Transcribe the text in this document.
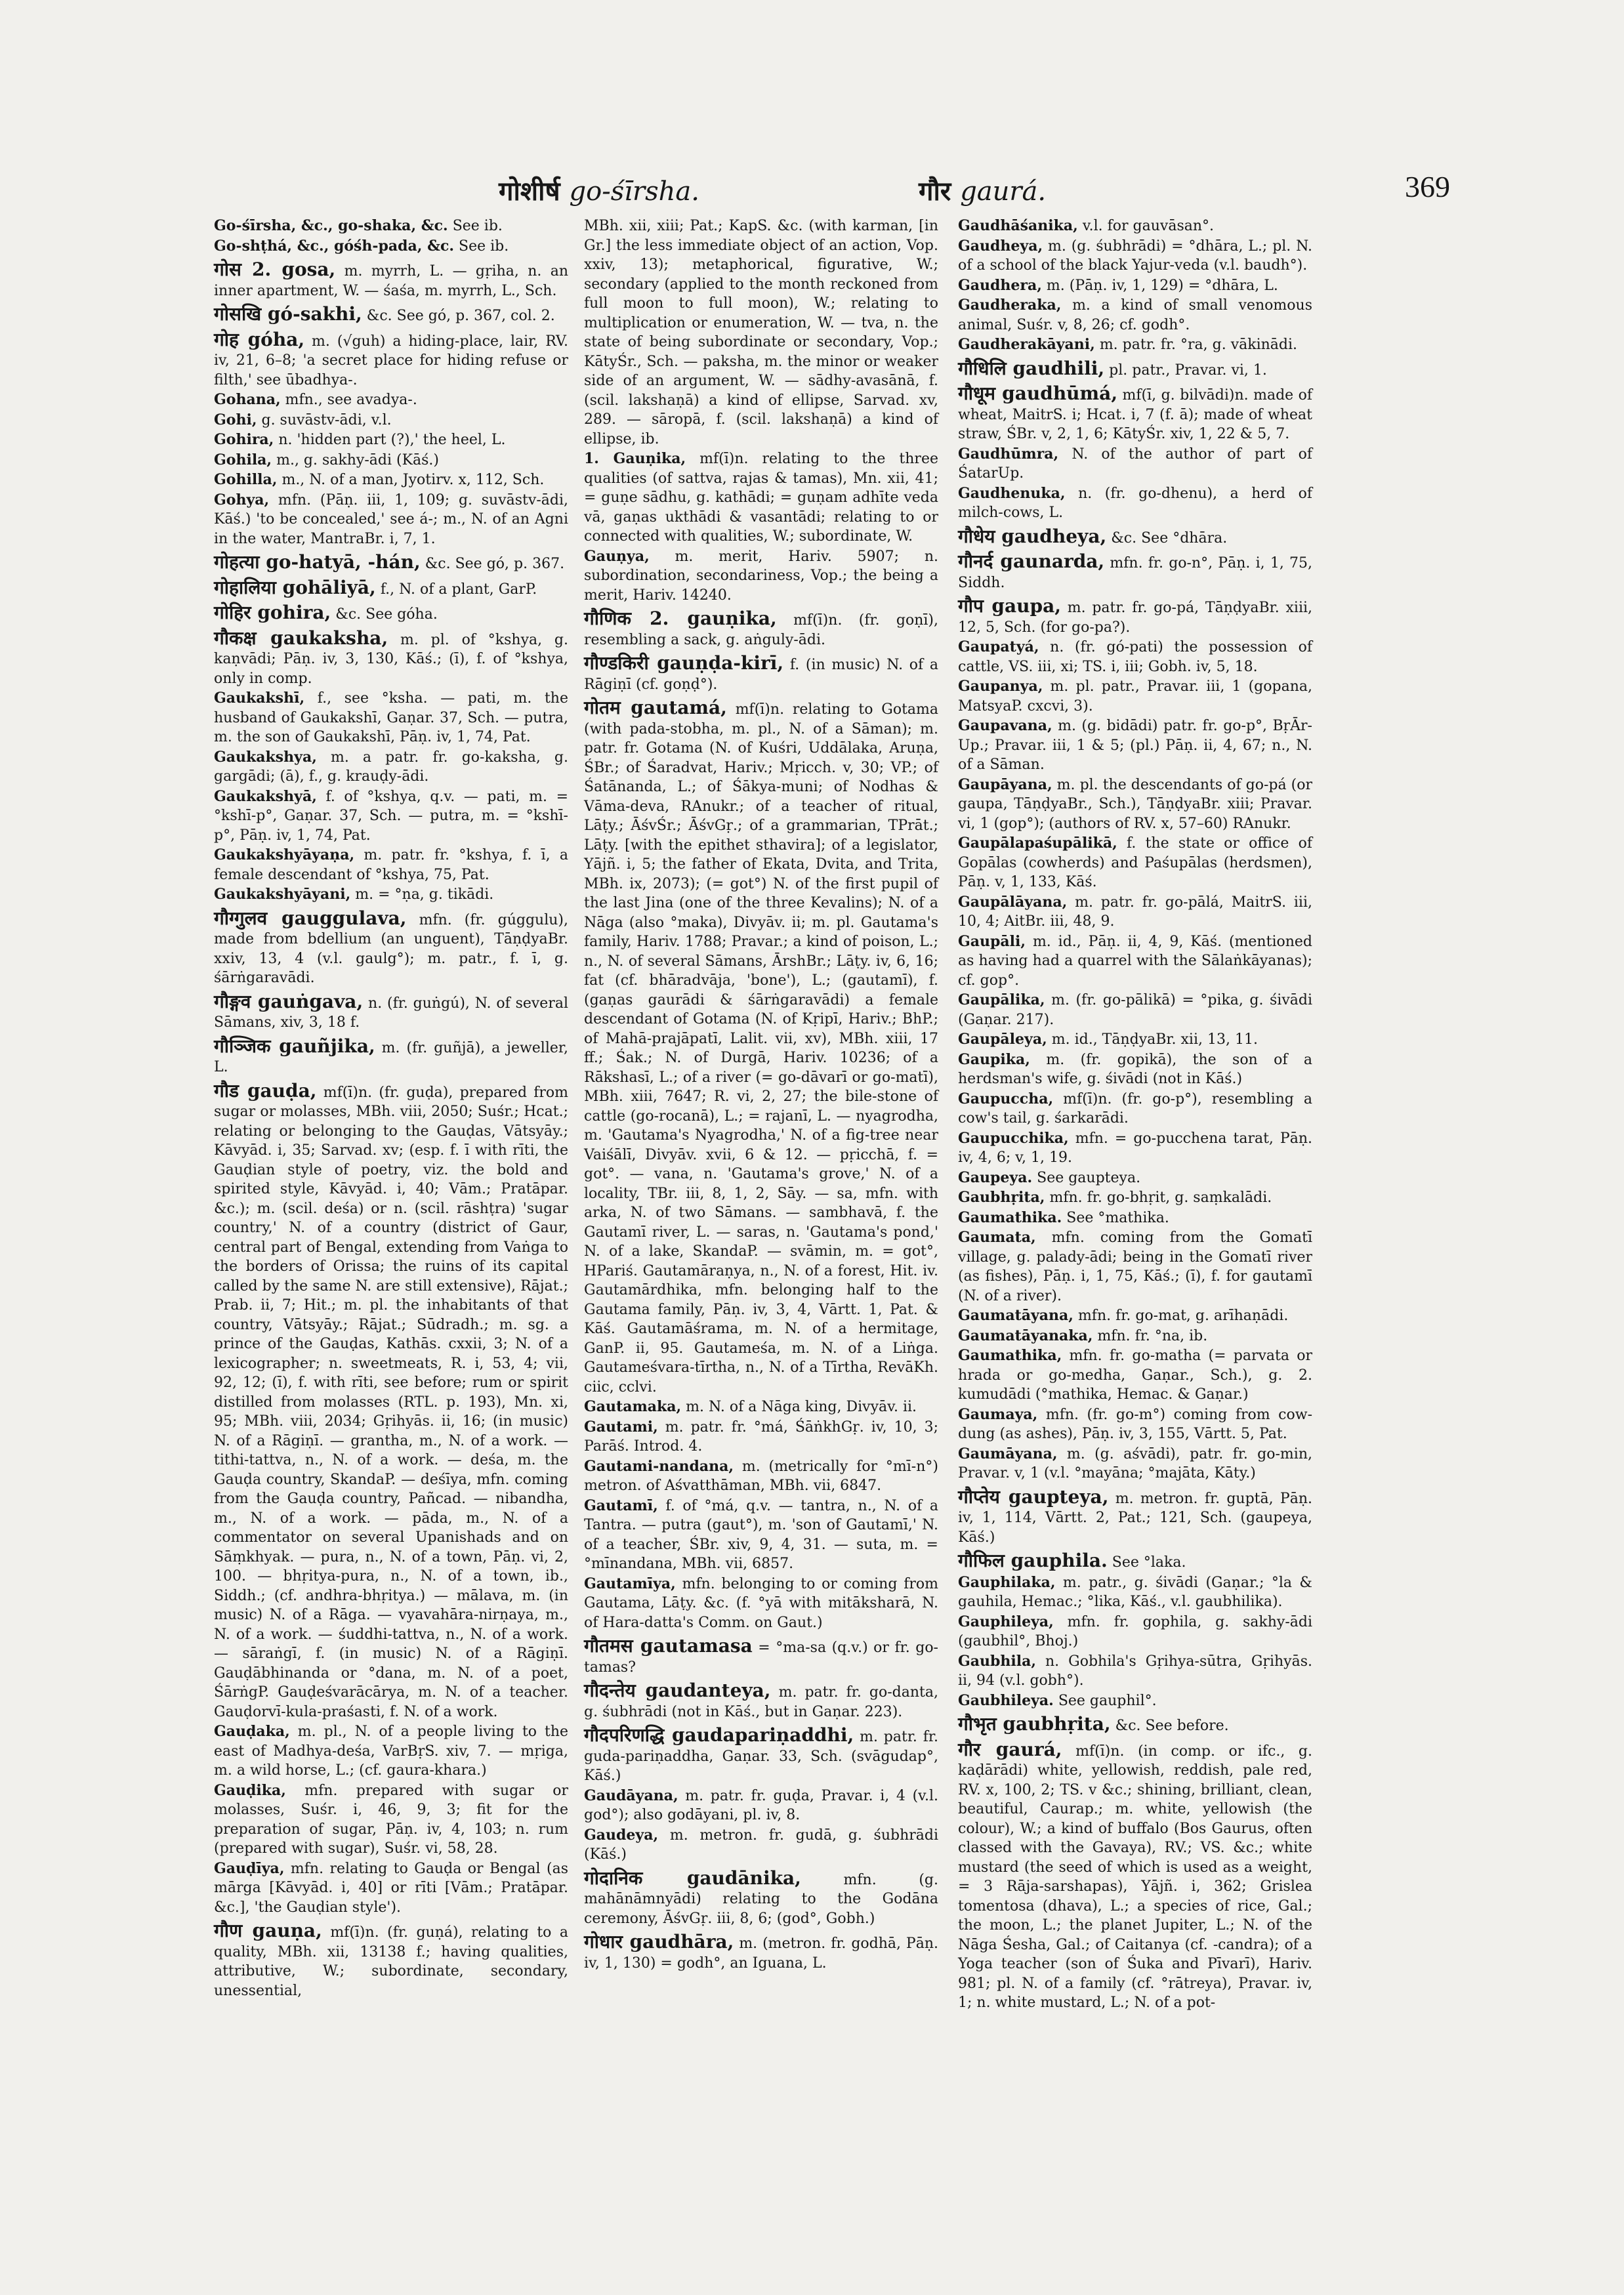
गोशीर्ष go-śīrsha.	गौर gaurá.	369

Go-śīrsha, &c., go-shaka, &c. See ib.

Go-shṭhá, &c., góśh-pada, &c. See ib.

गोस 2. gosa, m. myrrh, L. — gṛiha, n. an inner apartment, W. — śaśa, m. myrrh, L., Sch.

गोसखि gó-sakhi, &c. See gó, p. 367, col. 2.

गोह góha, m. (√guh) a hiding-place, lair, RV. iv, 21, 6–8; 'a secret place for hiding refuse or filth,' see ūbadhya-.

Gohana, mfn., see avadya-.

Gohi, g. suvāstv-ādi, v.l.

Gohira, n. 'hidden part (?),' the heel, L.

Gohila, m., g. sakhy-ādi (Kāś.)

Gohilla, m., N. of a man, Jyotirv. x, 112, Sch.

Gohya, mfn. (Pāṇ. iii, 1, 109; g. suvāstv-ādi, Kāś.) 'to be concealed,' see á-; m., N. of an Agni in the water, MantraBr. i, 7, 1.

गोहत्या go-hatyā, -hán, &c. See gó, p. 367.

गोहालिया gohāliyā, f., N. of a plant, GarP.

गोहिर gohira, &c. See góha.

गौकक्ष gaukaksha, m. pl. of °kshya, g. kaṇvādi; Pāṇ. iv, 3, 130, Kāś.; (ī), f. of °kshya, only in comp.

Gaukakshī, f., see °ksha. — pati, m. the husband of Gaukakshī, Gaṇar. 37, Sch. — putra, m. the son of Gaukakshī, Pāṇ. iv, 1, 74, Pat.

Gaukakshya, m. a patr. fr. go-kaksha, g. gargādi; (ā), f., g. krauḍy-ādi.

Gaukakshyā, f. of °kshya, q.v. — pati, m. = °kshī-p°, Gaṇar. 37, Sch. — putra, m. = °kshī-p°, Pāṇ. iv, 1, 74, Pat.

Gaukakshyāyaṇa, m. patr. fr. °kshya, f. ī, a female descendant of °kshya, 75, Pat.

Gaukakshyāyani, m. = °ṇa, g. tikādi.

गौग्गुलव gauggulava, mfn. (fr. gúggulu), made from bdellium (an unguent), TāṇḍyaBr. xxiv, 13, 4 (v.l. gaulg°); m. patr., f. ī, g. śārṅgaravādi.

गौङ्गव gauṅgava, n. (fr. guṅgú), N. of several Sāmans, xiv, 3, 18 f.

गौञ्जिक gauñjika, m. (fr. guñjā), a jeweller, L.

गौड gauḍa, mf(ī)n. (fr. guḍa), prepared from sugar or molasses, MBh. viii, 2050; Suśr.; Hcat.; relating or belonging to the Gauḍas, Vātsyāy.; Kāvyād. i, 35; Sarvad. xv; (esp. f. ī with rīti, the Gauḍian style of poetry, viz. the bold and spirited style, Kāvyād. i, 40; Vām.; Pratāpar. &c.); m. (scil. deśa) or n. (scil. rāshṭra) 'sugar country,' N. of a country (district of Gaur, central part of Bengal, extending from Vaṅga to the borders of Orissa; the ruins of its capital called by the same N. are still extensive), Rājat.; Prab. ii, 7; Hit.; m. pl. the inhabitants of that country, Vātsyāy.; Rājat.; Sūdradh.; m. sg. a prince of the Gauḍas, Kathās. cxxii, 3; N. of a lexicographer; n. sweetmeats, R. i, 53, 4; vii, 92, 12; (ī), f. with rīti, see before; rum or spirit distilled from molasses (RTL. p. 193), Mn. xi, 95; MBh. viii, 2034; Gṛihyās. ii, 16; (in music) N. of a Rāgiṇī. — grantha, m., N. of a work. — tithi-tattva, n., N. of a work. — deśa, m. the Gauḍa country, SkandaP. — deśīya, mfn. coming from the Gauḍa country, Pañcad. — nibandha, m., N. of a work. — pāda, m., N. of a commentator on several Upanishads and on Sāṃkhyak. — pura, n., N. of a town, Pāṇ. vi, 2, 100. — bhṛitya-pura, n., N. of a town, ib., Siddh.; (cf. andhra-bhṛitya.) — mālava, m. (in music) N. of a Rāga. — vyavahāra-nirṇaya, m., N. of a work. — śuddhi-tattva, n., N. of a work. — sāraṅgī, f. (in music) N. of a Rāgiṇī. Gauḍābhinanda or °dana, m. N. of a poet, ŚārṅgP. Gauḍeśvarācārya, m. N. of a teacher. Gauḍorvī-kula-praśasti, f. N. of a work.

Gauḍaka, m. pl., N. of a people living to the east of Madhya-deśa, VarBṛS. xiv, 7. — mṛiga, m. a wild horse, L.; (cf. gaura-khara.)

Gauḍika, mfn. prepared with sugar or molasses, Suśr. i, 46, 9, 3; fit for the preparation of sugar, Pāṇ. iv, 4, 103; n. rum (prepared with sugar), Suśr. vi, 58, 28.

Gauḍīya, mfn. relating to Gauḍa or Bengal (as mārga [Kāvyād. i, 40] or rīti [Vām.; Pratāpar. &c.], 'the Gauḍian style').

गौण gauṇa, mf(ī)n. (fr. guṇá), relating to a quality, MBh. xii, 13138 f.; having qualities, attributive, W.; subordinate, secondary, unessential,

MBh. xii, xiii; Pat.; KapS. &c. (with karman, [in Gr.] the less immediate object of an action, Vop. xxiv, 13); metaphorical, figurative, W.; secondary (applied to the month reckoned from full moon to full moon), W.; relating to multiplication or enumeration, W. — tva, n. the state of being subordinate or secondary, Vop.; KātyŚr., Sch. — paksha, m. the minor or weaker side of an argument, W. — sādhy-avasānā, f. (scil. lakshaṇā) a kind of ellipse, Sarvad. xv, 289. — sāropā, f. (scil. lakshaṇā) a kind of ellipse, ib.

1. Gauṇika, mf(ī)n. relating to the three qualities (of sattva, rajas & tamas), Mn. xii, 41; = guṇe sādhu, g. kathādi; = guṇam adhīte veda vā, gaṇas ukthādi & vasantādi; relating to or connected with qualities, W.; subordinate, W.

Gauṇya, m. merit, Hariv. 5907; n. subordination, secondariness, Vop.; the being a merit, Hariv. 14240.

गौणिक 2. gauṇika, mf(ī)n. (fr. goṇī), resembling a sack, g. aṅguly-ādi.

गौण्डकिरी gauṇḍa-kirī, f. (in music) N. of a Rāgiṇī (cf. goṇḍ°).

गोतम gautamá, mf(ī)n. relating to Gotama (with pada-stobha, m. pl., N. of a Sāman); m. patr. fr. Gotama (N. of Kuśri, Uddālaka, Aruṇa, ŚBr.; of Śaradvat, Hariv.; Mṛicch. v, 30; VP.; of Śatānanda, L.; of Śākya-muni; of Nodhas & Vāma-deva, RAnukr.; of a teacher of ritual, Lāṭy.; ĀśvŚr.; ĀśvGṛ.; of a grammarian, TPrāt.; Lāṭy. [with the epithet sthavira]; of a legislator, Yājñ. i, 5; the father of Ekata, Dvita, and Trita, MBh. ix, 2073); (= got°) N. of the first pupil of the last Jina (one of the three Kevalins); N. of a Nāga (also °maka), Divyāv. ii; m. pl. Gautama's family, Hariv. 1788; Pravar.; a kind of poison, L.; n., N. of several Sāmans, ĀrshBr.; Lāṭy. iv, 6, 16; fat (cf. bhāradvāja, 'bone'), L.; (gautamī), f. (gaṇas gaurādi & śārṅgaravādi) a female descendant of Gotama (N. of Kṛipī, Hariv.; BhP.; of Mahā-prajāpatī, Lalit. vii, xv), MBh. xiii, 17 ff.; Śak.; N. of Durgā, Hariv. 10236; of a Rākshasī, L.; of a river (= go-dāvarī or go-matī), MBh. xiii, 7647; R. vi, 2, 27; the bile-stone of cattle (go-rocanā), L.; = rajanī, L. — nyagrodha, m. 'Gautama's Nyagrodha,' N. of a fig-tree near Vaiśālī, Divyāv. xvii, 6 & 12. — pṛicchā, f. = got°. — vana, n. 'Gautama's grove,' N. of a locality, TBr. iii, 8, 1, 2, Sāy. — sa, mfn. with arka, N. of two Sāmans. — sambhavā, f. the Gautamī river, L. — saras, n. 'Gautama's pond,' N. of a lake, SkandaP. — svāmin, m. = got°, HPariś. Gautamāraṇya, n., N. of a forest, Hit. iv. Gautamārdhika, mfn. belonging half to the Gautama family, Pāṇ. iv, 3, 4, Vārtt. 1, Pat. & Kāś. Gautamāśrama, m. N. of a hermitage, GanP. ii, 95. Gautameśa, m. N. of a Liṅga. Gautameśvara-tīrtha, n., N. of a Tīrtha, RevāKh. ciic, cclvi.

Gautamaka, m. N. of a Nāga king, Divyāv. ii.

Gautami, m. patr. fr. °má, ŚāṅkhGṛ. iv, 10, 3; Parāś. Introd. 4.

Gautami-nandana, m. (metrically for °mī-n°) metron. of Aśvatthāman, MBh. vii, 6847.

Gautamī, f. of °má, q.v. — tantra, n., N. of a Tantra. — putra (gaut°), m. 'son of Gautamī,' N. of a teacher, ŚBr. xiv, 9, 4, 31. — suta, m. = °mīnandana, MBh. vii, 6857.

Gautamīya, mfn. belonging to or coming from Gautama, Lāṭy. &c. (f. °yā with mitāksharā, N. of Hara-datta's Comm. on Gaut.)

गौतमस gautamasa = °ma-sa (q.v.) or fr. go-tamas?

गौदन्तेय gaudanteya, m. patr. fr. go-danta, g. śubhrādi (not in Kāś., but in Gaṇar. 223).

गौदपरिणद्धि gaudapariṇaddhi, m. patr. fr. guda-pariṇaddha, Gaṇar. 33, Sch. (svāgudap°, Kāś.)

Gaudāyana, m. patr. fr. guḍa, Pravar. i, 4 (v.l. god°); also godāyani, pl. iv, 8.

Gaudeya, m. metron. fr. gudā, g. śubhrādi (Kāś.)

गोदानिक gaudānika,	mfn. (g. mahānāmnyādi) relating to the Godāna ceremony, ĀśvGṛ. iii, 8, 6; (god°, Gobh.)

गोधार gaudhāra, m. (metron. fr. godhā, Pāṇ. iv, 1, 130) = godh°, an Iguana, L.

Gaudhāśanika, v.l. for gauvāsan°.

Gaudheya, m. (g. śubhrādi) = °dhāra, L.; pl. N. of a school of the black Yajur-veda (v.l. baudh°).

Gaudhera, m. (Pāṇ. iv, 1, 129) = °dhāra, L.

Gaudheraka, m. a kind of small venomous animal, Suśr. v, 8, 26; cf. godh°.

Gaudherakāyani, m. patr. fr. °ra, g. vākinādi.

गौधिलि gaudhili, pl. patr., Pravar. vi, 1.

गौधूम gaudhūmá, mf(ī, g. bilvādi)n. made of wheat, MaitrS. i; Hcat. i, 7 (f. ā); made of wheat straw, ŚBr. v, 2, 1, 6; KātyŚr. xiv, 1, 22 & 5, 7.

Gaudhūmra, N. of the author of part of ŚatarUp.

Gaudhenuka, n. (fr. go-dhenu), a herd of milch-cows, L.

गौधेय gaudheya, &c. See °dhāra.

गौनर्द gaunarda, mfn. fr. go-n°, Pāṇ. i, 1, 75, Siddh.

गौप gaupa, m. patr. fr. go-pá, TāṇḍyaBr. xiii, 12, 5, Sch. (for go-pa?).

Gaupatyá, n. (fr. gó-pati) the possession of cattle, VS. iii, xi; TS. i, iii; Gobh. iv, 5, 18.

Gaupanya, m. pl. patr., Pravar. iii, 1 (gopana, MatsyaP. cxcvi, 3).

Gaupavana, m. (g. bidādi) patr. fr. go-p°, BṛĀr-Up.; Pravar. iii, 1 & 5; (pl.) Pāṇ. ii, 4, 67; n., N. of a Sāman.

Gaupāyana, m. pl. the descendants of go-pá (or gaupa, TāṇḍyaBr., Sch.), TāṇḍyaBr. xiii; Pravar. vi, 1 (gop°); (authors of RV. x, 57–60) RAnukr.

Gaupālapaśupālikā, f. the state or office of Gopālas (cowherds) and Paśupālas (herdsmen), Pāṇ. v, 1, 133, Kāś.

Gaupālāyana, m. patr. fr. go-pālá, MaitrS. iii, 10, 4; AitBr. iii, 48, 9.

Gaupāli, m. id., Pāṇ. ii, 4, 9, Kāś. (mentioned as having had a quarrel with the Sālaṅkāyanas); cf. gop°.

Gaupālika, m. (fr. go-pālikā) = °pika, g. śivādi (Gaṇar. 217).

Gaupāleya, m. id., TāṇḍyaBr. xii, 13, 11.

Gaupika, m. (fr. gopikā), the son of a herdsman's wife, g. śivādi (not in Kāś.)

Gaupuccha, mf(ī)n. (fr. go-p°), resembling a cow's tail, g. śarkarādi.

Gaupucchika, mfn. = go-pucchena tarat, Pāṇ. iv, 4, 6; v, 1, 19.

Gaupeya. See gaupteya.

Gaubhṛita, mfn. fr. go-bhṛit, g. saṃkalādi.

Gaumathika. See °mathika.

Gaumata, mfn. coming from the Gomatī village, g. palady-ādi; being in the Gomatī river (as fishes), Pāṇ. i, 1, 75, Kāś.; (ī), f. for gautamī (N. of a river).

Gaumatāyana, mfn. fr. go-mat, g. arīhaṇādi.

Gaumatāyanaka, mfn. fr. °na, ib.

Gaumathika, mfn. fr. go-matha (= parvata or hrada or go-medha, Gaṇar., Sch.), g. 2. kumudādi (°mathika, Hemac. & Gaṇar.)

Gaumaya, mfn. (fr. go-m°) coming from cow-dung (as ashes), Pāṇ. iv, 3, 155, Vārtt. 5, Pat.

Gaumāyana, m. (g. aśvādi), patr. fr. go-min, Pravar. v, 1 (v.l. °mayāna; °majāta, Kāty.)

गौप्तेय gaupteya, m. metron. fr. guptā, Pāṇ. iv, 1, 114, Vārtt. 2, Pat.; 121, Sch. (gaupeya, Kāś.)

गौफिल gauphila. See °laka.

Gauphilaka, m. patr., g. śivādi (Gaṇar.; °la & gauhila, Hemac.; °lika, Kāś., v.l. gaubhilika).

Gauphileya, mfn. fr. gophila, g. sakhy-ādi (gaubhil°, Bhoj.)

Gaubhila, n. Gobhila's Gṛihya-sūtra, Gṛihyās. ii, 94 (v.l. gobh°).

Gaubhileya. See gauphil°.

गौभृत gaubhṛita, &c. See before.

गौर gaurá, mf(ī)n. (in comp. or ifc., g. kaḍārādi) white, yellowish, reddish, pale red, RV. x, 100, 2; TS. v &c.; shining, brilliant, clean, beautiful, Caurap.; m. white, yellowish (the colour), W.; a kind of buffalo (Bos Gaurus, often classed with the Gavaya), RV.; VS. &c.; white mustard (the seed of which is used as a weight, = 3 Rāja-sarshapas), Yājñ. i, 362; Grislea tomentosa (dhava), L.; a species of rice, Gal.; the moon, L.; the planet Jupiter, L.; N. of the Nāga Śesha, Gal.; of Caitanya (cf. -candra); of a Yoga teacher (son of Śuka and Pīvarī), Hariv. 981; pl. N. of a family (cf. °rātreya), Pravar. iv, 1; n. white mustard, L.; N. of a pot-
